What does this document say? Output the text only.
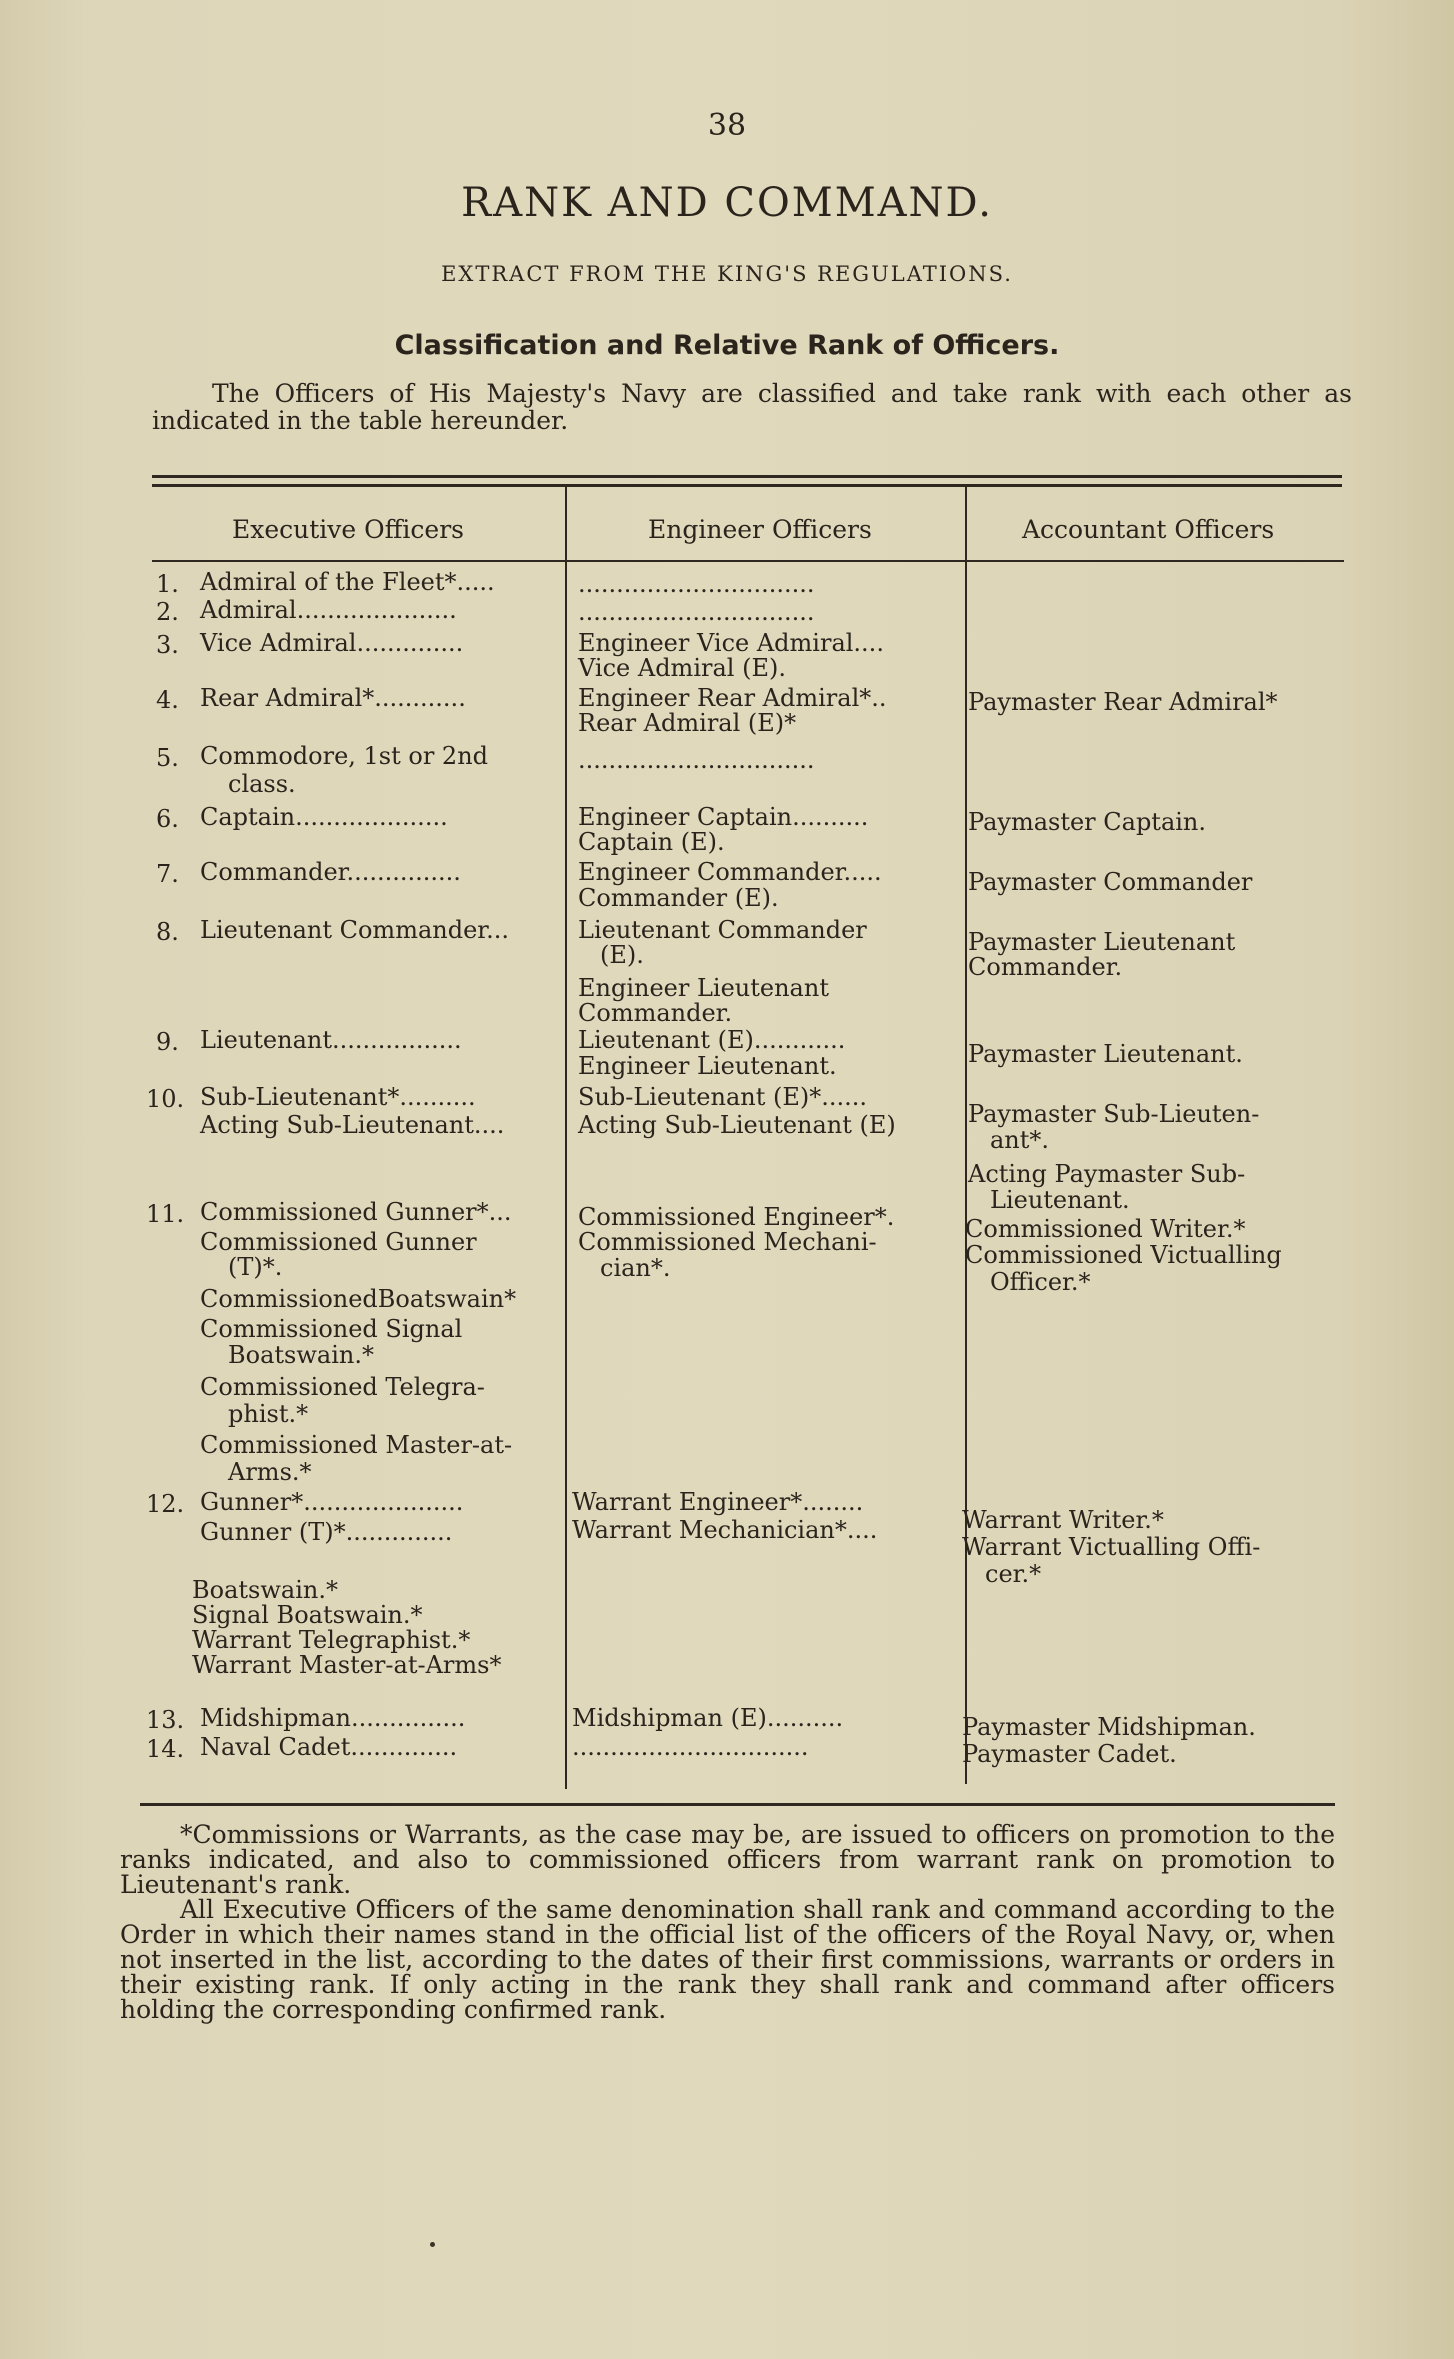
38
RANK AND COMMAND.
EXTRACT FROM THE KING'S REGULATIONS.
Classification and Relative Rank of Officers.
The Officers of His Majesty's Navy are classified and take rank with each other as indicated in the table hereunder.
Executive Officers	Engineer Officers	Accountant Officers
1. Admiral of the Fleet*.....
2. Admiral.....................
3. Vice Admiral..............
4. Rear Admiral*............
5. Commodore, 1st or 2nd
class.
6. Captain....................
7. Commander...............
8. Lieutenant Commander...
9. Lieutenant.................
10. Sub-Lieutenant*..........
Acting Sub-Lieutenant....
11. Commissioned Gunner*...
Commissioned Gunner
(T)*.
CommissionedBoatswain*
Commissioned Signal
Boatswain.*
Commissioned Telegra-
phist.*
Commissioned Master-at-
Arms.*
12. Gunner*.....................
Gunner (T)*..............
Boatswain.*
Signal Boatswain.*
Warrant Telegraphist.*
Warrant Master-at-Arms*
13. Midshipman...............
14. Naval Cadet..............
...............................
...............................
Engineer Vice Admiral....
Vice Admiral (E).
Engineer Rear Admiral*..
Rear Admiral (E)*
...............................
Engineer Captain..........
Captain (E).
Engineer Commander.....
Commander (E).
Lieutenant Commander
(E).
Engineer Lieutenant
Commander.
Lieutenant (E)............
Engineer Lieutenant.
Sub-Lieutenant (E)*......
Acting Sub-Lieutenant (E)
Commissioned Engineer*.
Commissioned Mechani-
cian*.
Warrant Engineer*........
Warrant Mechanician*....
Midshipman (E)..........
...............................
Paymaster Rear Admiral*
Paymaster Captain.
Paymaster Commander
Paymaster Lieutenant
Commander.
Paymaster Lieutenant.
Paymaster Sub-Lieuten-
ant*.
Acting Paymaster Sub-
Lieutenant.
Commissioned Writer.*
Commissioned Victualling
Officer.*
Warrant Writer.*
Warrant Victualling Offi-
cer.*
Paymaster Midshipman.
Paymaster Cadet.

*Commissions or Warrants, as the case may be, are issued to officers on promotion to the ranks indicated, and also to commissioned officers from warrant rank on promotion to Lieutenant's rank.

All Executive Officers of the same denomination shall rank and command according to the Order in which their names stand in the official list of the officers of the Royal Navy, or, when not inserted in the list, according to the dates of their first commissions, warrants or orders in their existing rank. If only acting in the rank they shall rank and command after officers holding the corresponding confirmed rank.
